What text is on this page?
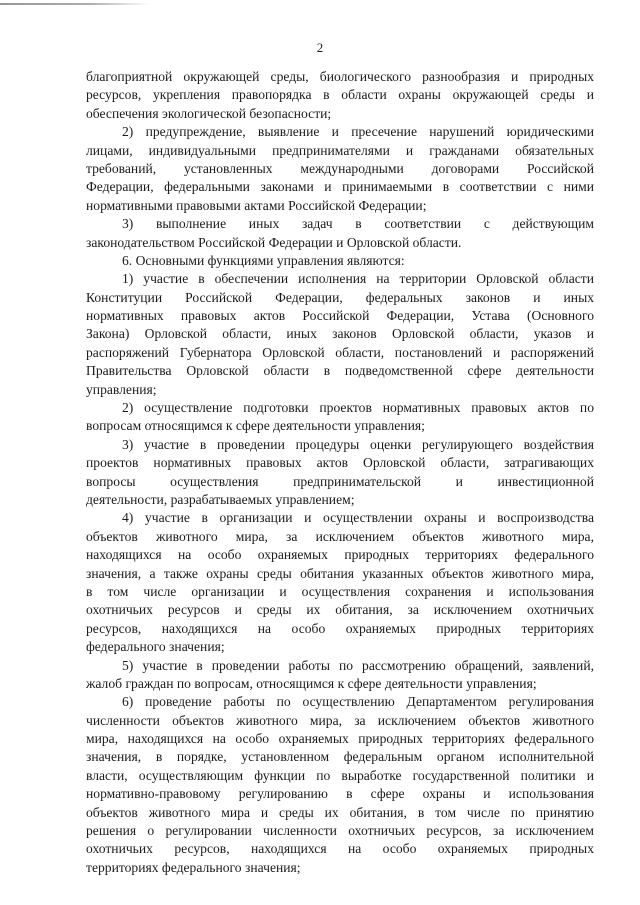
2
благоприятной окружающей среды, биологического разнообразия и природных
ресурсов, укрепления правопорядка в области охраны окружающей среды и
обеспечения экологической безопасности;
2) предупреждение, выявление и пресечение нарушений юридическими
лицами, индивидуальными предпринимателями и гражданами обязательных
требований, установленных международными договорами Российской
Федерации, федеральными законами и принимаемыми в соответствии с ними
нормативными правовыми актами Российской Федерации;
3) выполнение иных задач в соответствии с действующим
законодательством Российской Федерации и Орловской области.
6. Основными функциями управления являются:
1) участие в обеспечении исполнения на территории Орловской области
Конституции Российской Федерации, федеральных законов и иных
нормативных правовых актов Российской Федерации, Устава (Основного
Закона) Орловской области, иных законов Орловской области, указов и
распоряжений Губернатора Орловской области, постановлений и распоряжений
Правительства Орловской области в подведомственной сфере деятельности
управления;
2) осуществление подготовки проектов нормативных правовых актов по
вопросам относящимся к сфере деятельности управления;
3) участие в проведении процедуры оценки регулирующего воздействия
проектов нормативных правовых актов Орловской области, затрагивающих
вопросы осуществления предпринимательской и инвестиционной
деятельности, разрабатываемых управлением;
4) участие в организации и осуществлении охраны и воспроизводства
объектов животного мира, за исключением объектов животного мира,
находящихся на особо охраняемых природных территориях федерального
значения, а также охраны среды обитания указанных объектов животного мира,
в том числе организации и осуществления сохранения и использования
охотничьих ресурсов и среды их обитания, за исключением охотничьих
ресурсов, находящихся на особо охраняемых природных территориях
федерального значения;
5) участие в проведении работы по рассмотрению обращений, заявлений,
жалоб граждан по вопросам, относящимся к сфере деятельности управления;
6) проведение работы по осуществлению Департаментом регулирования
численности объектов животного мира, за исключением объектов животного
мира, находящихся на особо охраняемых природных территориях федерального
значения, в порядке, установленном федеральным органом исполнительной
власти, осуществляющим функции по выработке государственной политики и
нормативно-правовому регулированию в сфере охраны и использования
объектов животного мира и среды их обитания, в том числе по принятию
решения о регулировании численности охотничьих ресурсов, за исключением
охотничьих ресурсов, находящихся на особо охраняемых природных
территориях федерального значения;
